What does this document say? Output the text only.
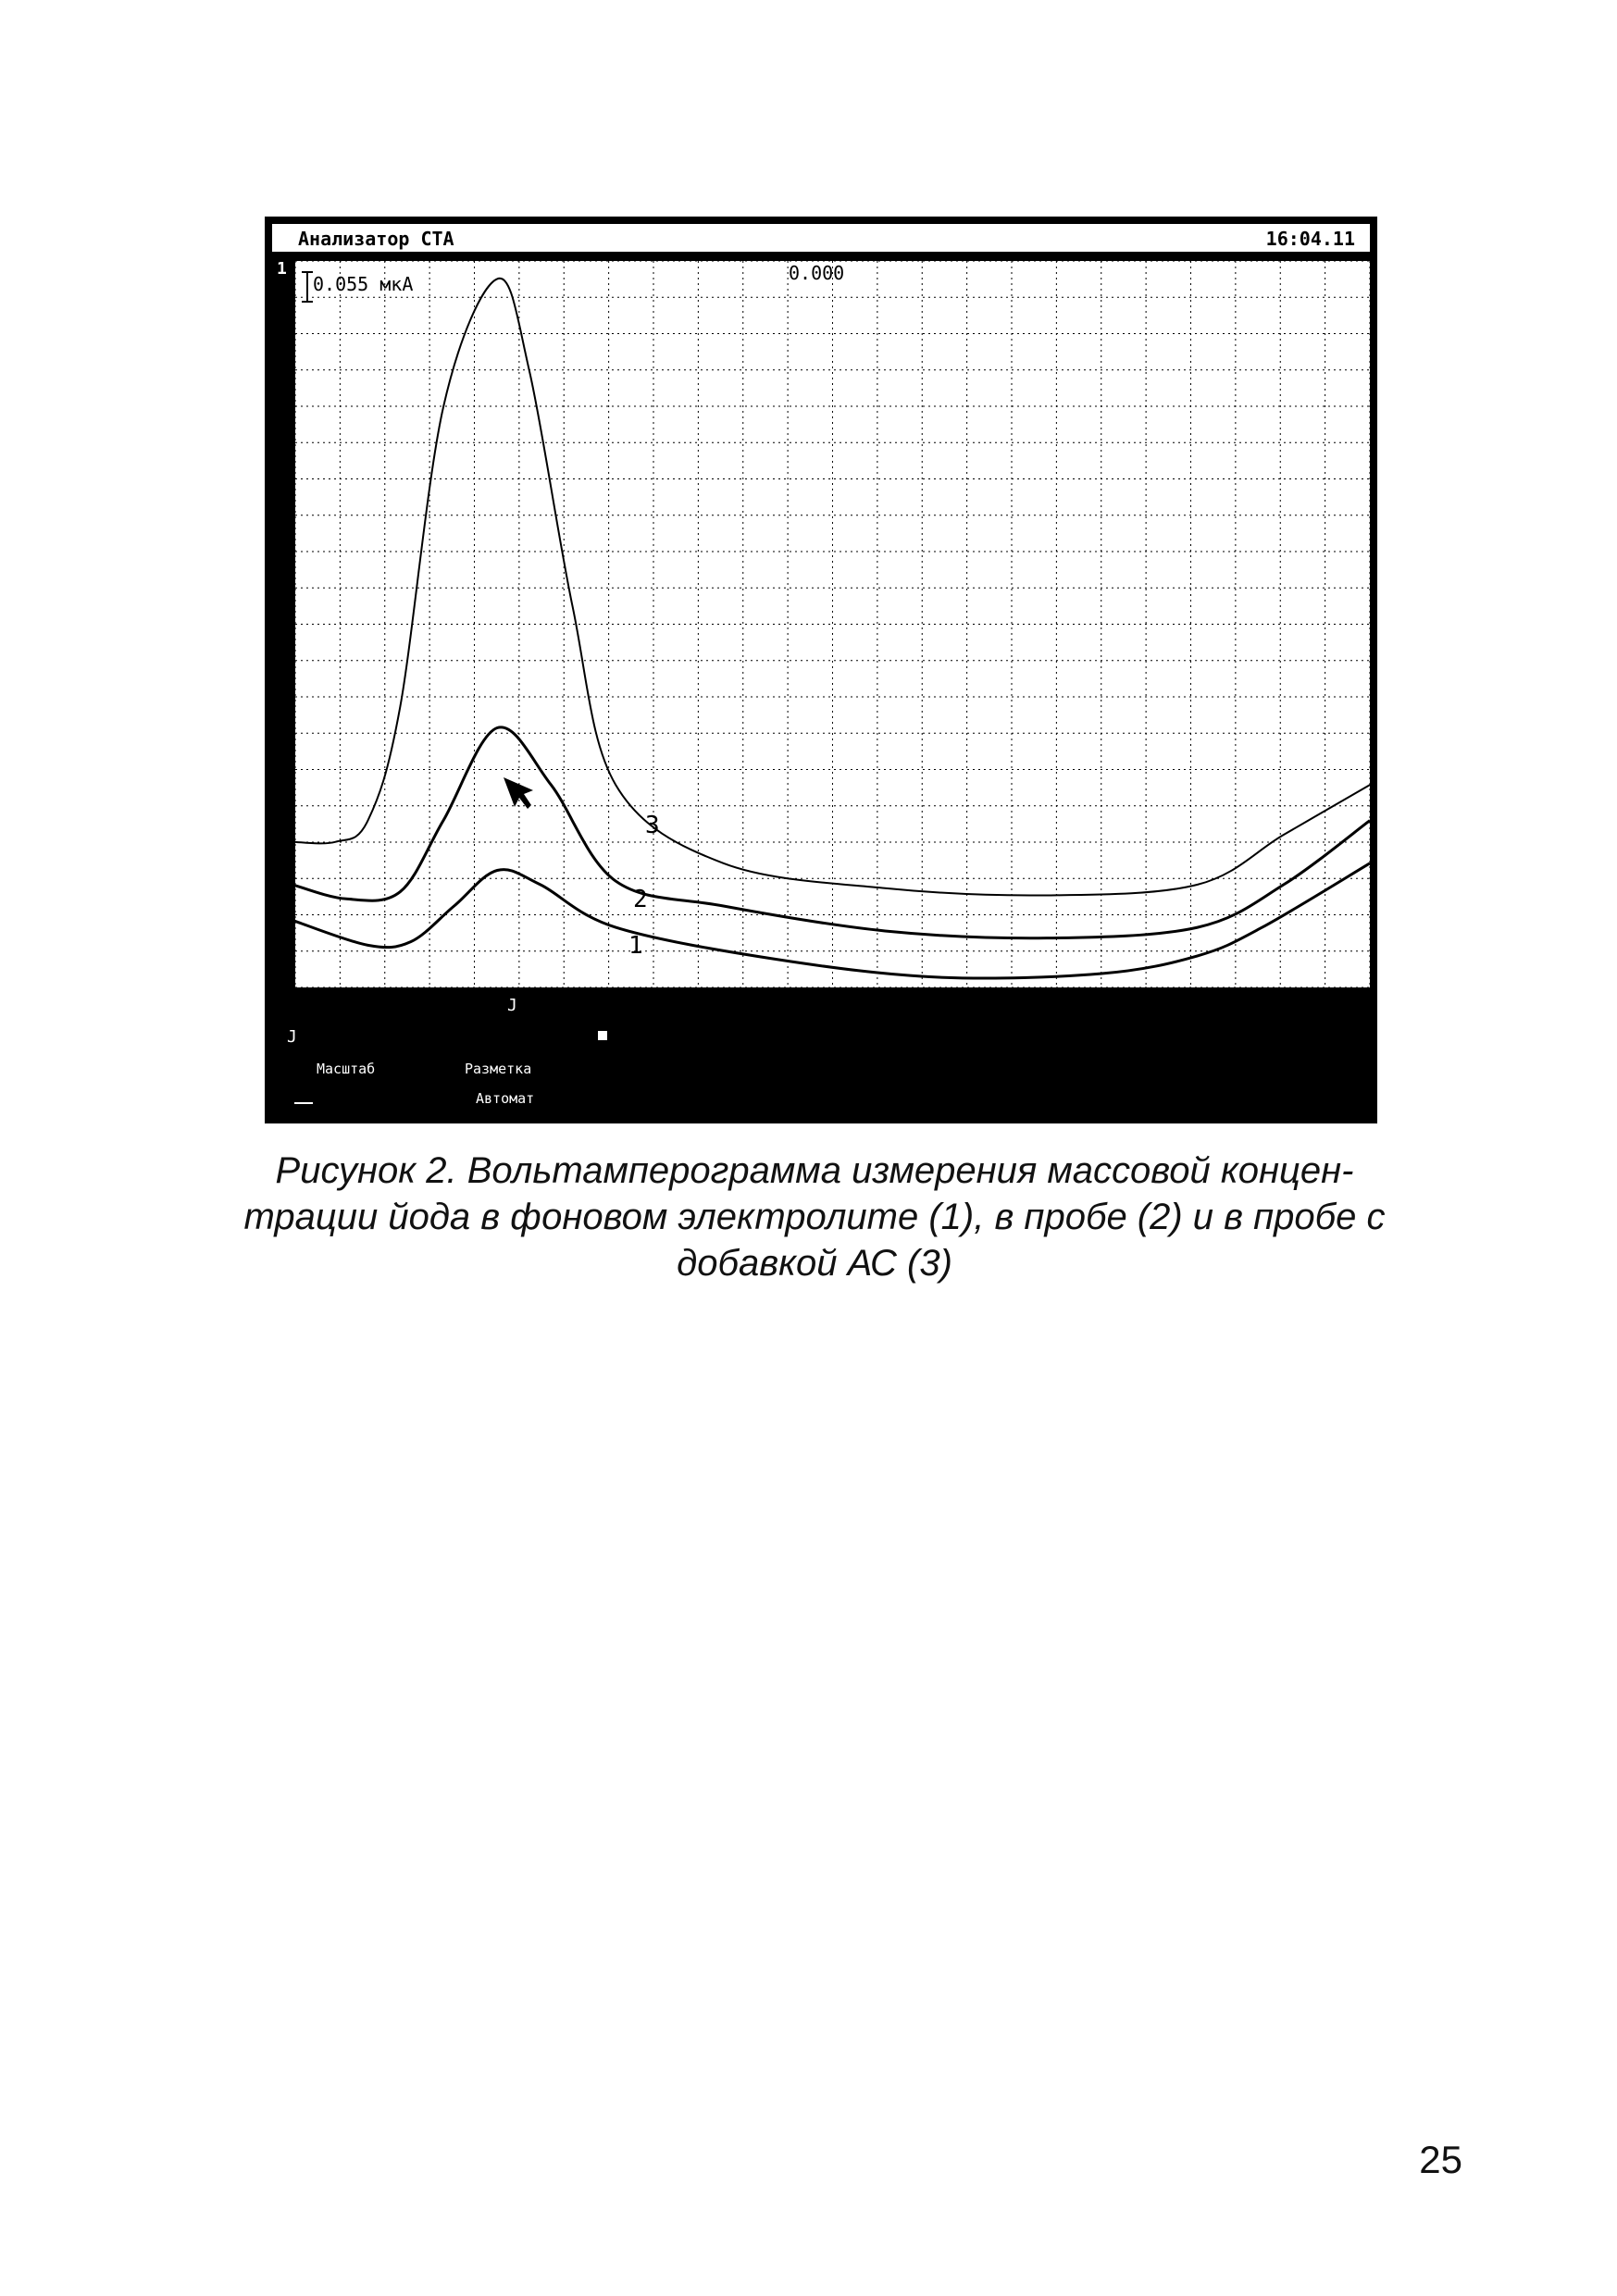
Анализатор СТА	16:04.11
1
0.055 мкА	0.000
3
2
1
J
J
Масштаб	Разметка
Автомат
Рисунок 2. Вольтамперограмма измерения массовой концен-
трации йода в фоновом электролите (1), в пробе (2) и в пробе с
добавкой АС (3)
25
